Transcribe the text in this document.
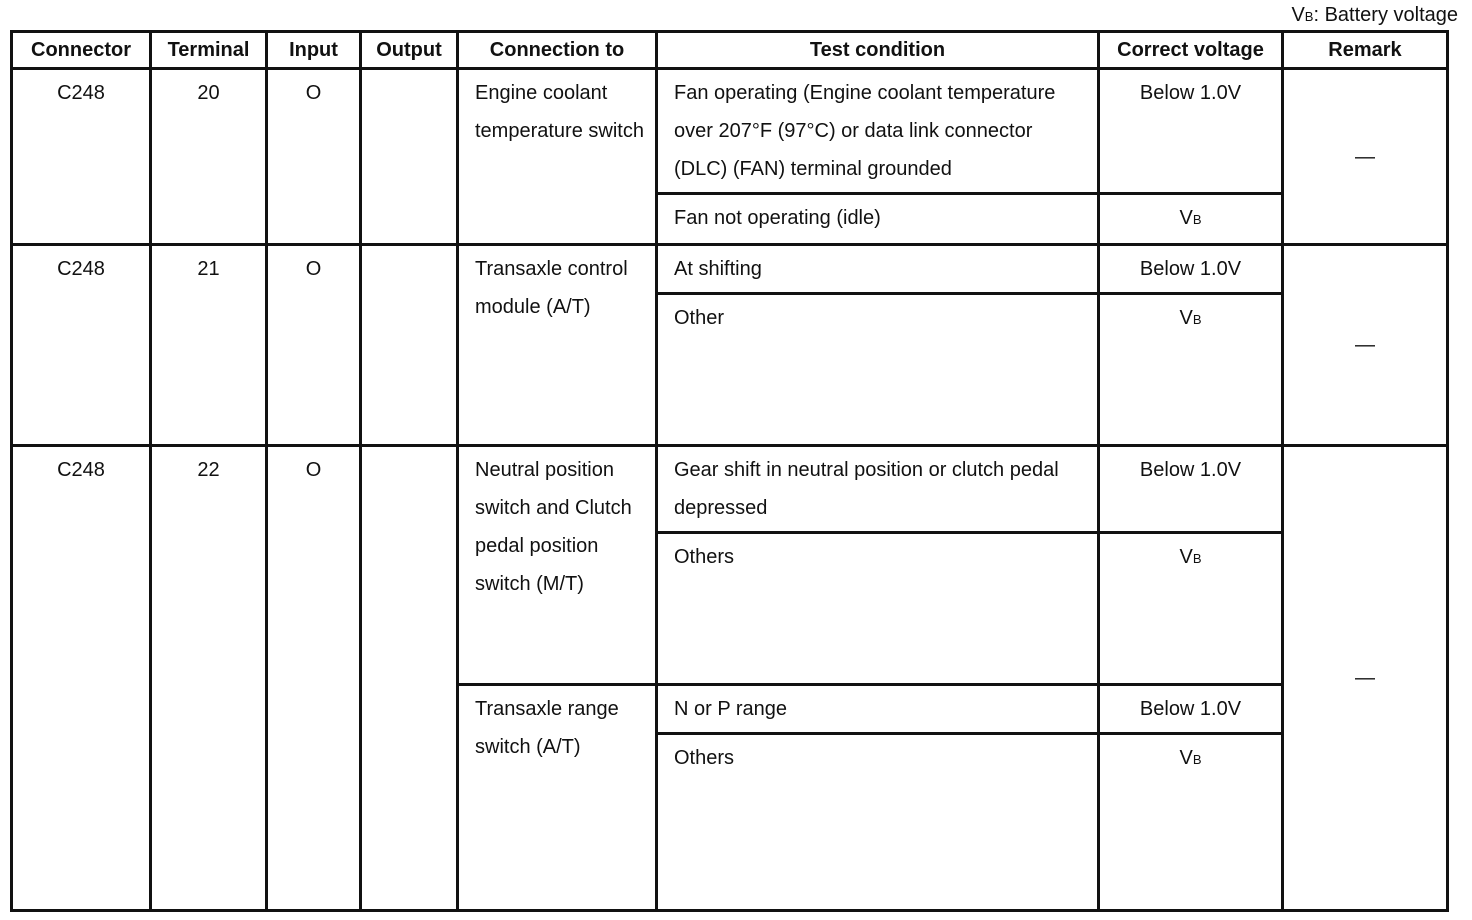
VB: Battery voltage
Connector	Terminal	Input	Output	Connection to	Test condition	Correct voltage	Remark
C248	20	O		Engine coolant temperature switch	Fan operating (Engine coolant temperature over 207°F (97°C) or data link connector (DLC) (FAN) terminal grounded	Below 1.0V	—
					Fan not operating (idle)	VB	
C248	21	O		Transaxle control module (A/T)	At shifting	Below 1.0V	—
					Other	VB	
C248	22	O		Neutral position switch and Clutch pedal position switch (M/T)	Gear shift in neutral position or clutch pedal depressed	Below 1.0V	—
					Others	VB	
				Transaxle range switch (A/T)	N or P range	Below 1.0V	
					Others	VB	
